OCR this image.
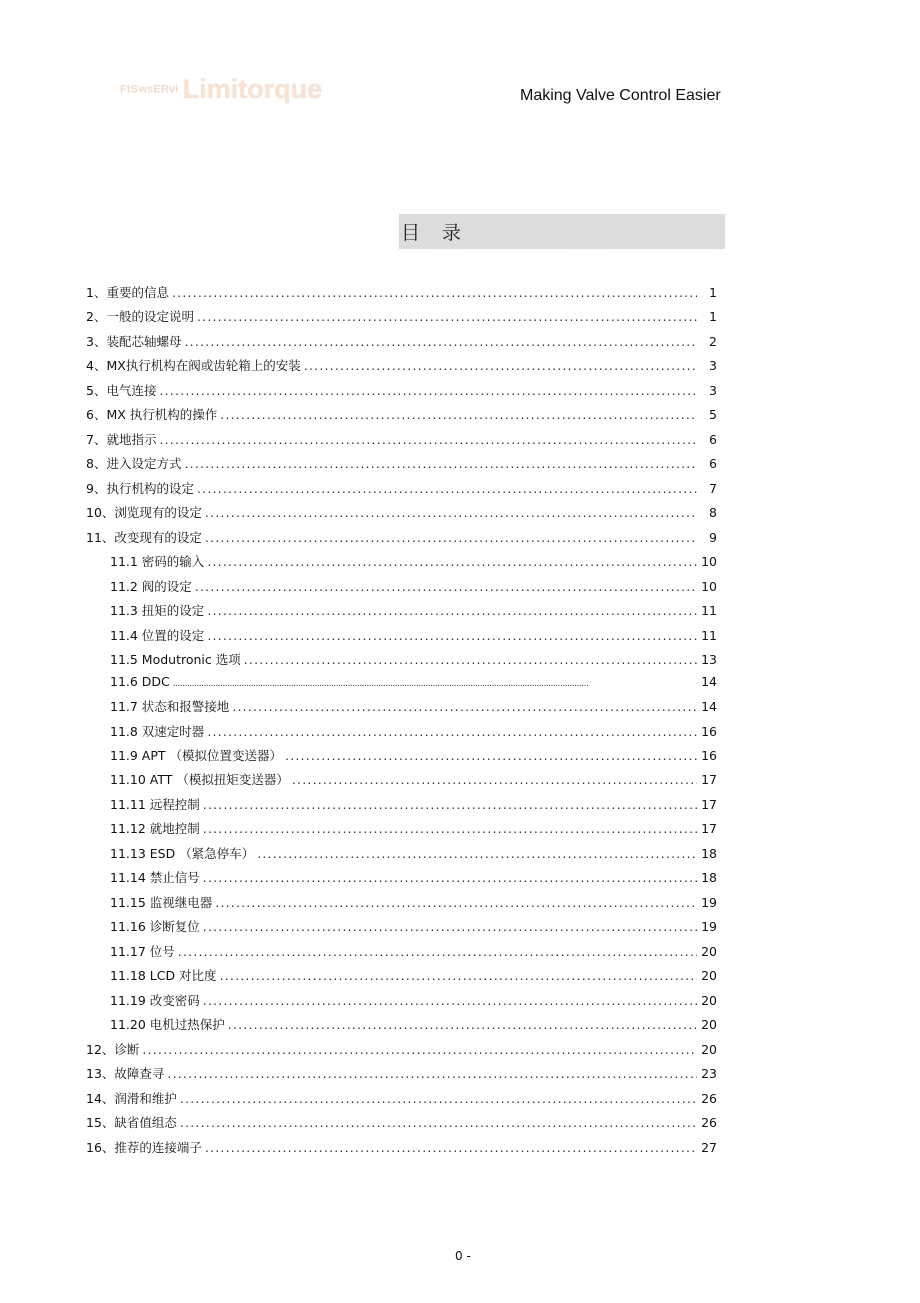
FtSwsERvi Limitorque	Making Valve Control Easier
目 录
1、重要的信息 .....	1
2、一般的设定说明 .....	1
3、装配芯轴螺母 .....	2
4、MX执行机构在阀或齿轮箱上的安装 .....	3
5、电气连接 .....	3
6、MX 执行机构的操作 .....	5
7、就地指示 .....	6
8、进入设定方式 .....	6
9、执行机构的设定 .....	7
10、浏览现有的设定 .....	8
11、改变现有的设定 .....	9
11.1 密码的输入 .....	10
11.2 阀的设定 .....	10
11.3 扭矩的设定 .....	11
11.4 位置的设定 .....	11
11.5 Modutronic 选项 .....	13
11.6 DDC .....	14
11.7 状态和报警接地 .....	14
11.8 双速定时器 .....	16
11.9 APT （模拟位置变送器） .....	16
11.10 ATT （模拟扭矩变送器） .....	17
11.11 远程控制 .....	17
11.12 就地控制 .....	17
11.13 ESD （紧急停车） .....	18
11.14 禁止信号 .....	18
11.15 监视继电器 .....	19
11.16 诊断复位 .....	19
11.17 位号 .....	20
11.18 LCD 对比度 .....	20
11.19 改变密码 .....	20
11.20 电机过热保护 .....	20
12、诊断 .....	20
13、故障查寻 .....	23
14、润滑和维护 .....	26
15、缺省值组态 .....	26
16、推荐的连接端子 .....	27
0 -
